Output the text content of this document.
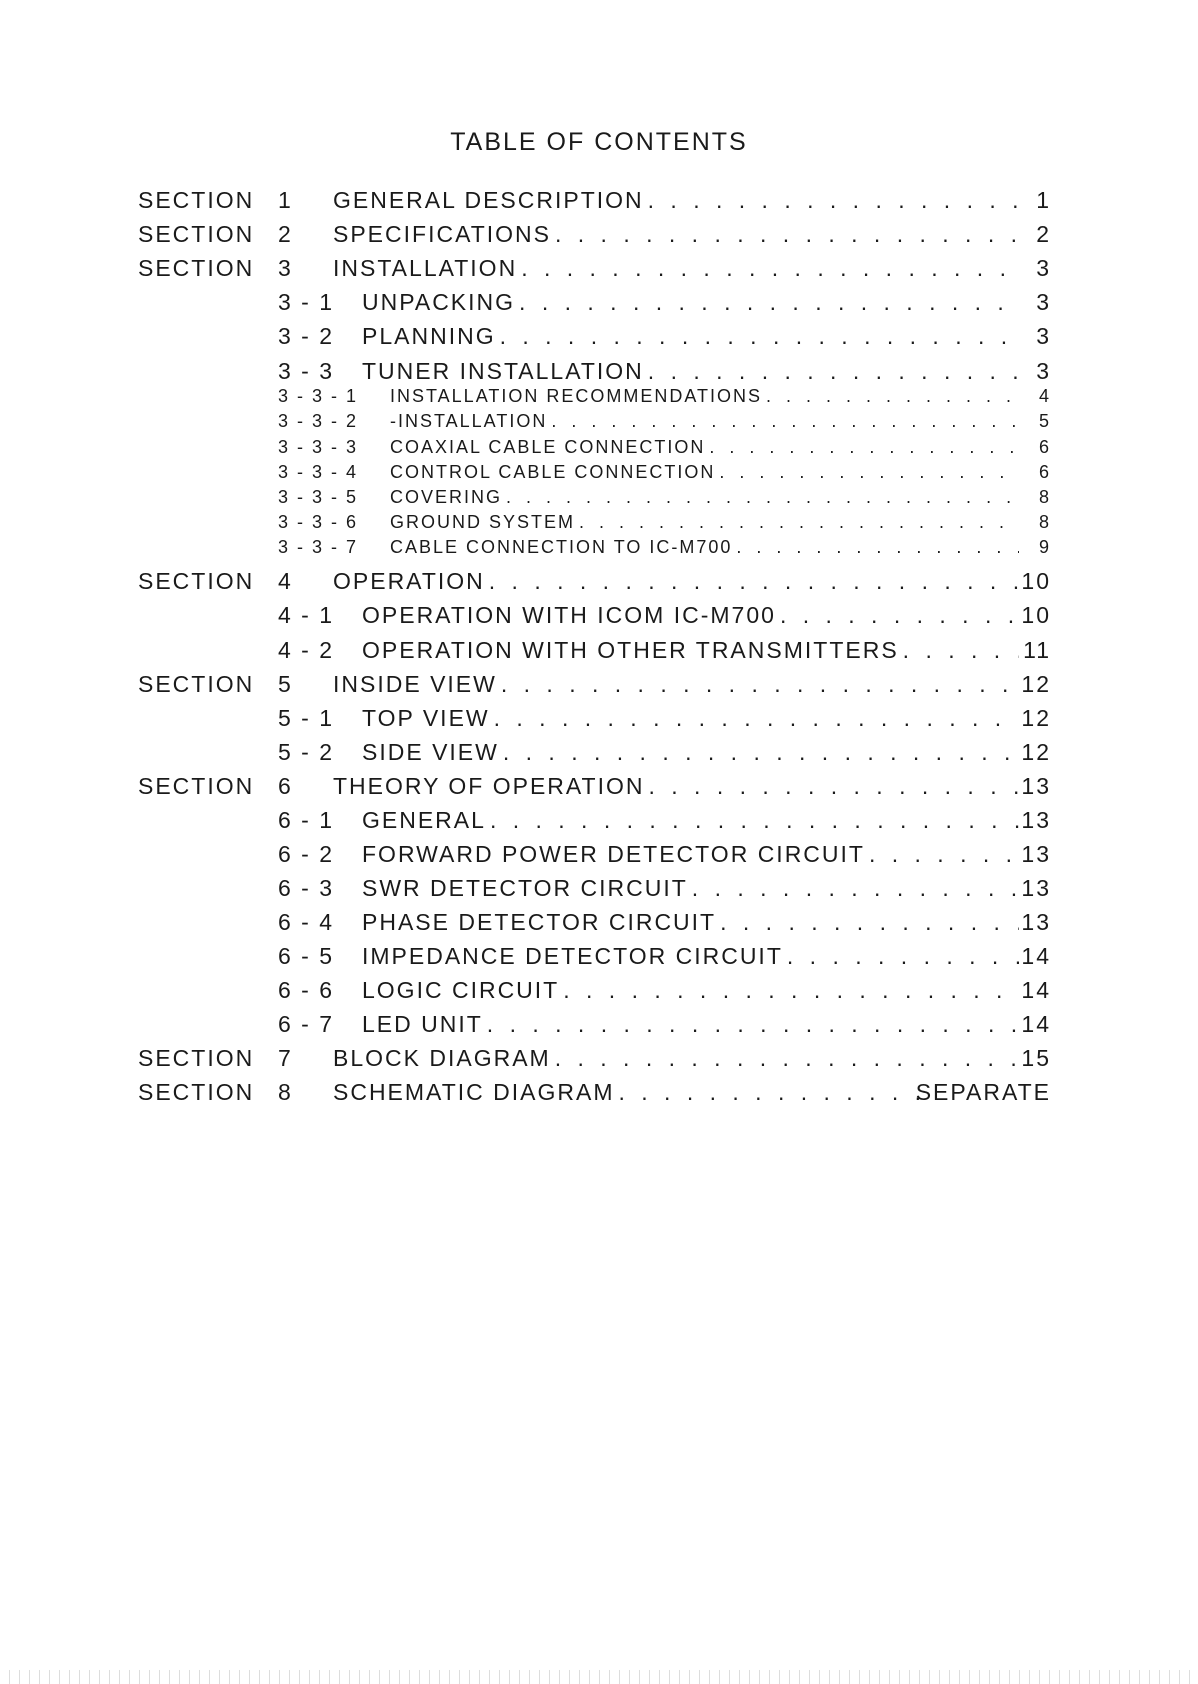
TABLE OF CONTENTS
SECTION 1 GENERAL DESCRIPTION . . .	1
SECTION 2 SPECIFICATIONS . . .	2
SECTION 3 INSTALLATION . . .	3
3 - 1 UNPACKING . . .	3
3 - 2 PLANNING . . .	3
3 - 3 TUNER INSTALLATION . . .	3
3 - 3 - 1 INSTALLATION RECOMMENDATIONS . . .	4
3 - 3 - 2 -INSTALLATION . . .	5
3 - 3 - 3 COAXIAL CABLE CONNECTION . . .	6
3 - 3 - 4 CONTROL CABLE CONNECTION . . .	6
3 - 3 - 5 COVERING . . .	8
3 - 3 - 6 GROUND SYSTEM . . .	8
3 - 3 - 7 CABLE CONNECTION TO IC-M700 . . .	9
SECTION 4 OPERATION . . .	10
4 - 1 OPERATION WITH ICOM IC-M700 . . .	10
4 - 2 OPERATION WITH OTHER TRANSMITTERS . . .	11
SECTION 5 INSIDE VIEW . . .	12
5 - 1 TOP VIEW . . .	12
5 - 2 SIDE VIEW . . .	12
SECTION 6 THEORY OF OPERATION . . .	13
6 - 1 GENERAL . . .	13
6 - 2 FORWARD POWER DETECTOR CIRCUIT . . .	13
6 - 3 SWR DETECTOR CIRCUIT . . .	13
6 - 4 PHASE DETECTOR CIRCUIT . . .	13
6 - 5 IMPEDANCE DETECTOR CIRCUIT . . .	14
6 - 6 LOGIC CIRCUIT . . .	14
6 - 7 LED UNIT . . .	14
SECTION 7 BLOCK DIAGRAM . . .	15
SECTION 8 SCHEMATIC DIAGRAM . . .	SEPARATE
